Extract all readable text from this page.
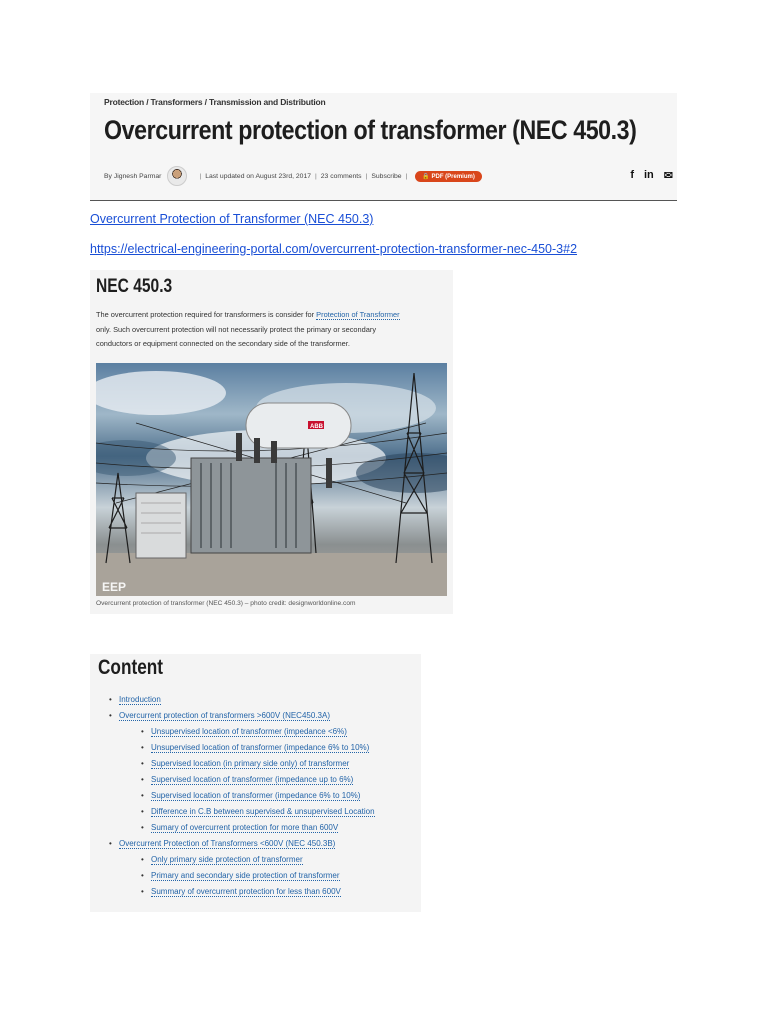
Protection / Transformers / Transmission and Distribution
Overcurrent protection of transformer (NEC 450.3)
By Jignesh Parmar	| Last updated on August 23rd, 2017 | 23 comments | Subscribe |	🔒 PDF (Premium)	f in ✉
Overcurrent Protection of Transformer (NEC 450.3)
https://electrical-engineering-portal.com/overcurrent-protection-transformer-nec-450-3#2
NEC 450.3
The overcurrent protection required for transformers is consider for Protection of Transformer
only. Such overcurrent protection will not necessarily protect the primary or secondary
conductors or equipment connected on the secondary side of the transformer.
ABB
EEP
Overcurrent protection of transformer (NEC 450.3) – photo credit: designworldonline.com
Content
• Introduction
• Overcurrent protection of transformers >600V (NEC450.3A)
• Unsupervised location of transformer (impedance <6%)
• Unsupervised location of transformer (impedance 6% to 10%)
• Supervised location (in primary side only) of transformer
• Supervised location of transformer (impedance up to 6%)
• Supervised location of transformer (impedance 6% to 10%)
• Difference in C.B between supervised & unsupervised Location
• Sumary of overcurrent protection for more than 600V
• Overcurrent Protection of Transformers <600V (NEC 450.3B)
• Only primary side protection of transformer
• Primary and secondary side protection of transformer
• Summary of overcurrent protection for less than 600V
